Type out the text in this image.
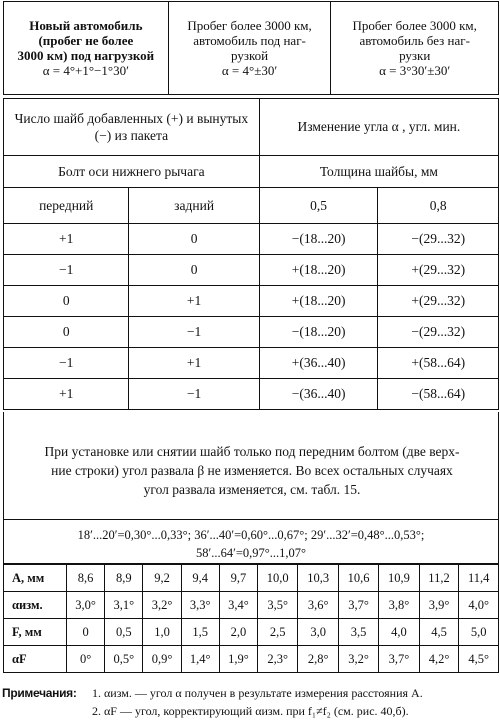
Новый автомобиль
(пробег не более
3000 км) под нагрузкой
α = 4°+1°−1°30′

Пробег более 3000 км,
автомобиль под наг-
рузкой
α = 4°±30′

Пробег более 3000 км,
автомобиль без наг-
рузки
α = 3°30′±30′
Число шайб добавленных (+) и вынутых (−) из пакета		Изменение угла α , угл. мин.	
Болт оси нижнего рычага		Толщина шайбы, мм	
передний	задний	0,5	0,8
+1	0	−(18...20)	−(29...32)
−1	0	+(18...20)	+(29...32)
0	+1	+(18...20)	+(29...32)
0	−1	−(18...20)	−(29...32)
−1	+1	+(36...40)	+(58...64)
+1	−1	−(36...40)	−(58...64)
При установке или снятии шайб только под передним болтом (две верх-
ние строки) угол развала β не изменяется. Во всех остальных случаях
угол развала изменяется, см. табл. 15.
18′...20′=0,30°...0,33°; 36′...40′=0,60°...0,67°; 29′...32′=0,48°...0,53°;
58′...64′=0,97°...1,07°
A, мм	8,6	8,9	9,2	9,4	9,7	10,0	10,3	10,6	10,9	11,2	11,4
αизм.	3,0°	3,1°	3,2°	3,3°	3,4°	3,5°	3,6°	3,7°	3,8°	3,9°	4,0°
F, мм	0	0,5	1,0	1,5	2,0	2,5	3,0	3,5	4,0	4,5	5,0
αF	0°	0,5°	0,9°	1,4°	1,9°	2,3°	2,8°	3,2°	3,7°	4,2°	4,5°
Примечания: 1. αизм. — угол α получен в результате измерения расстояния А.
2. αF — угол, корректирующий αизм. при f₁≠f₂ (см. рис. 40,б).
